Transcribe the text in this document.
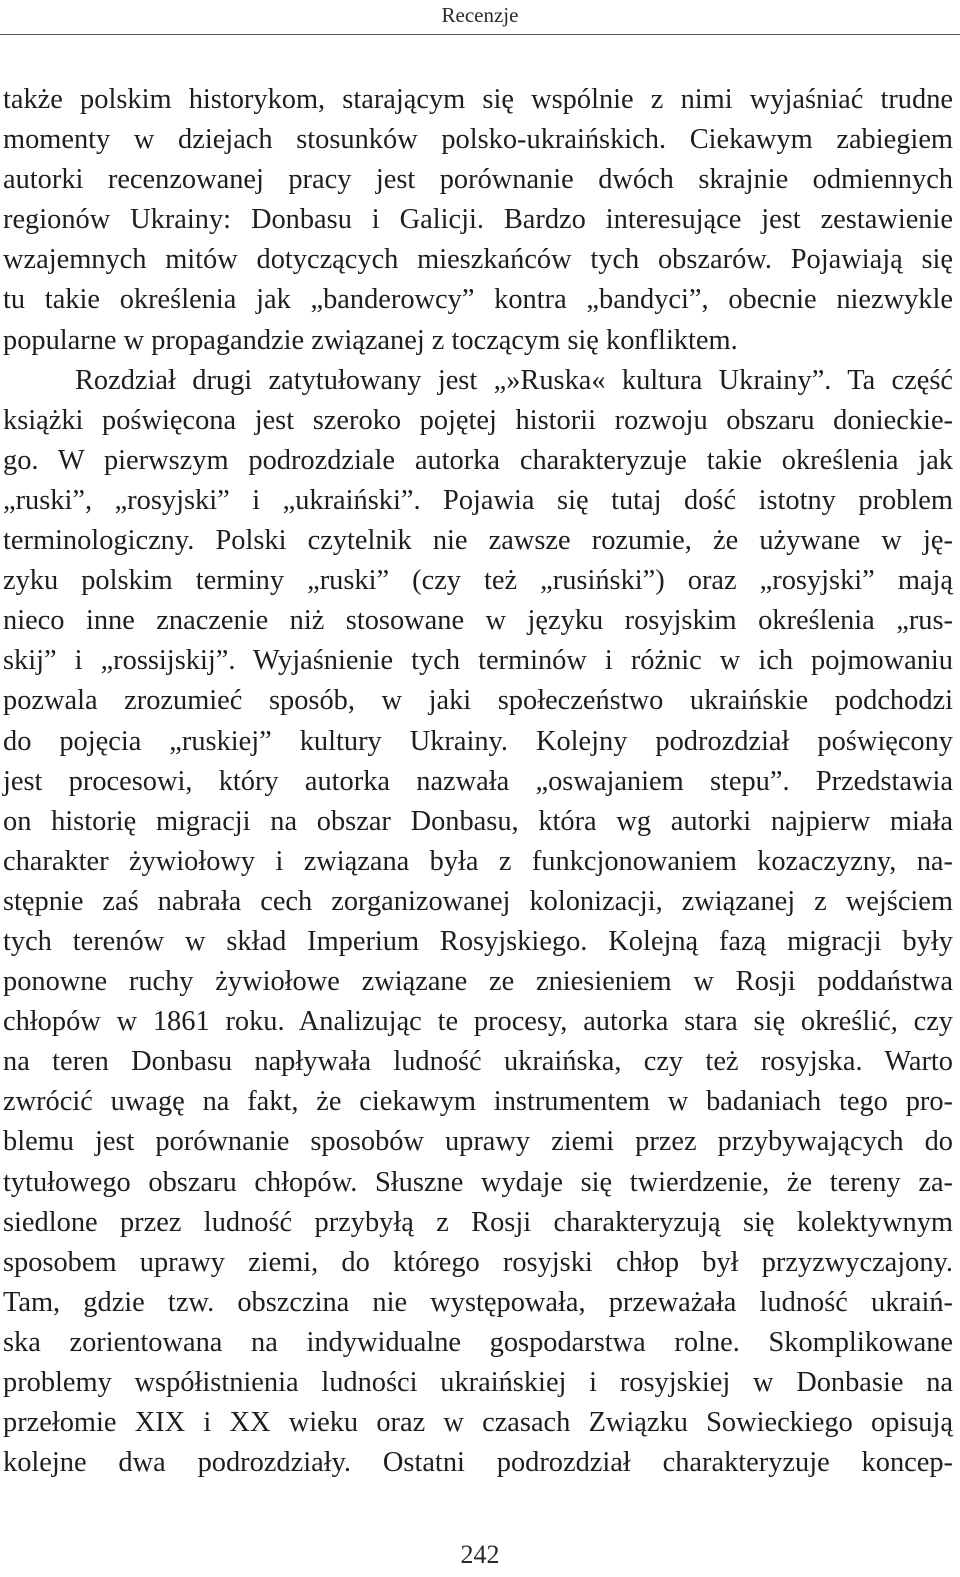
Recenzje
także polskim historykom, starającym się wspólnie z nimi wyjaśniać trudne
momenty w dziejach stosunków polsko-ukraińskich. Ciekawym zabiegiem
autorki recenzowanej pracy jest porównanie dwóch skrajnie odmiennych
regionów Ukrainy: Donbasu i Galicji. Bardzo interesujące jest zestawienie
wzajemnych mitów dotyczących mieszkańców tych obszarów. Pojawiają się
tu takie określenia jak „banderowcy” kontra „bandyci”, obecnie niezwykle
popularne w propagandzie związanej z toczącym się konfliktem.
Rozdział drugi zatytułowany jest „»Ruska« kultura Ukrainy”. Ta część
książki poświęcona jest szeroko pojętej historii rozwoju obszaru donieckie-
go. W pierwszym podrozdziale autorka charakteryzuje takie określenia jak
„ruski”, „rosyjski” i „ukraiński”. Pojawia się tutaj dość istotny problem
terminologiczny. Polski czytelnik nie zawsze rozumie, że używane w ję-
zyku polskim terminy „ruski” (czy też „rusiński”) oraz „rosyjski” mają
nieco inne znaczenie niż stosowane w języku rosyjskim określenia „rus-
skij” i „rossijskij”. Wyjaśnienie tych terminów i różnic w ich pojmowaniu
pozwala zrozumieć sposób, w jaki społeczeństwo ukraińskie podchodzi
do pojęcia „ruskiej” kultury Ukrainy. Kolejny podrozdział poświęcony
jest procesowi, który autorka nazwała „oswajaniem stepu”. Przedstawia
on historię migracji na obszar Donbasu, która wg autorki najpierw miała
charakter żywiołowy i związana była z funkcjonowaniem kozaczyzny, na-
stępnie zaś nabrała cech zorganizowanej kolonizacji, związanej z wejściem
tych terenów w skład Imperium Rosyjskiego. Kolejną fazą migracji były
ponowne ruchy żywiołowe związane ze zniesieniem w Rosji poddaństwa
chłopów w 1861 roku. Analizując te procesy, autorka stara się określić, czy
na teren Donbasu napływała ludność ukraińska, czy też rosyjska. Warto
zwrócić uwagę na fakt, że ciekawym instrumentem w badaniach tego pro-
blemu jest porównanie sposobów uprawy ziemi przez przybywających do
tytułowego obszaru chłopów. Słuszne wydaje się twierdzenie, że tereny za-
siedlone przez ludność przybyłą z Rosji charakteryzują się kolektywnym
sposobem uprawy ziemi, do którego rosyjski chłop był przyzwyczajony.
Tam, gdzie tzw. obszczina nie występowała, przeważała ludność ukraiń-
ska zorientowana na indywidualne gospodarstwa rolne. Skomplikowane
problemy współistnienia ludności ukraińskiej i rosyjskiej w Donbasie na
przełomie XIX i XX wieku oraz w czasach Związku Sowieckiego opisują
kolejne dwa podrozdziały. Ostatni podrozdział charakteryzuje koncep-
242
